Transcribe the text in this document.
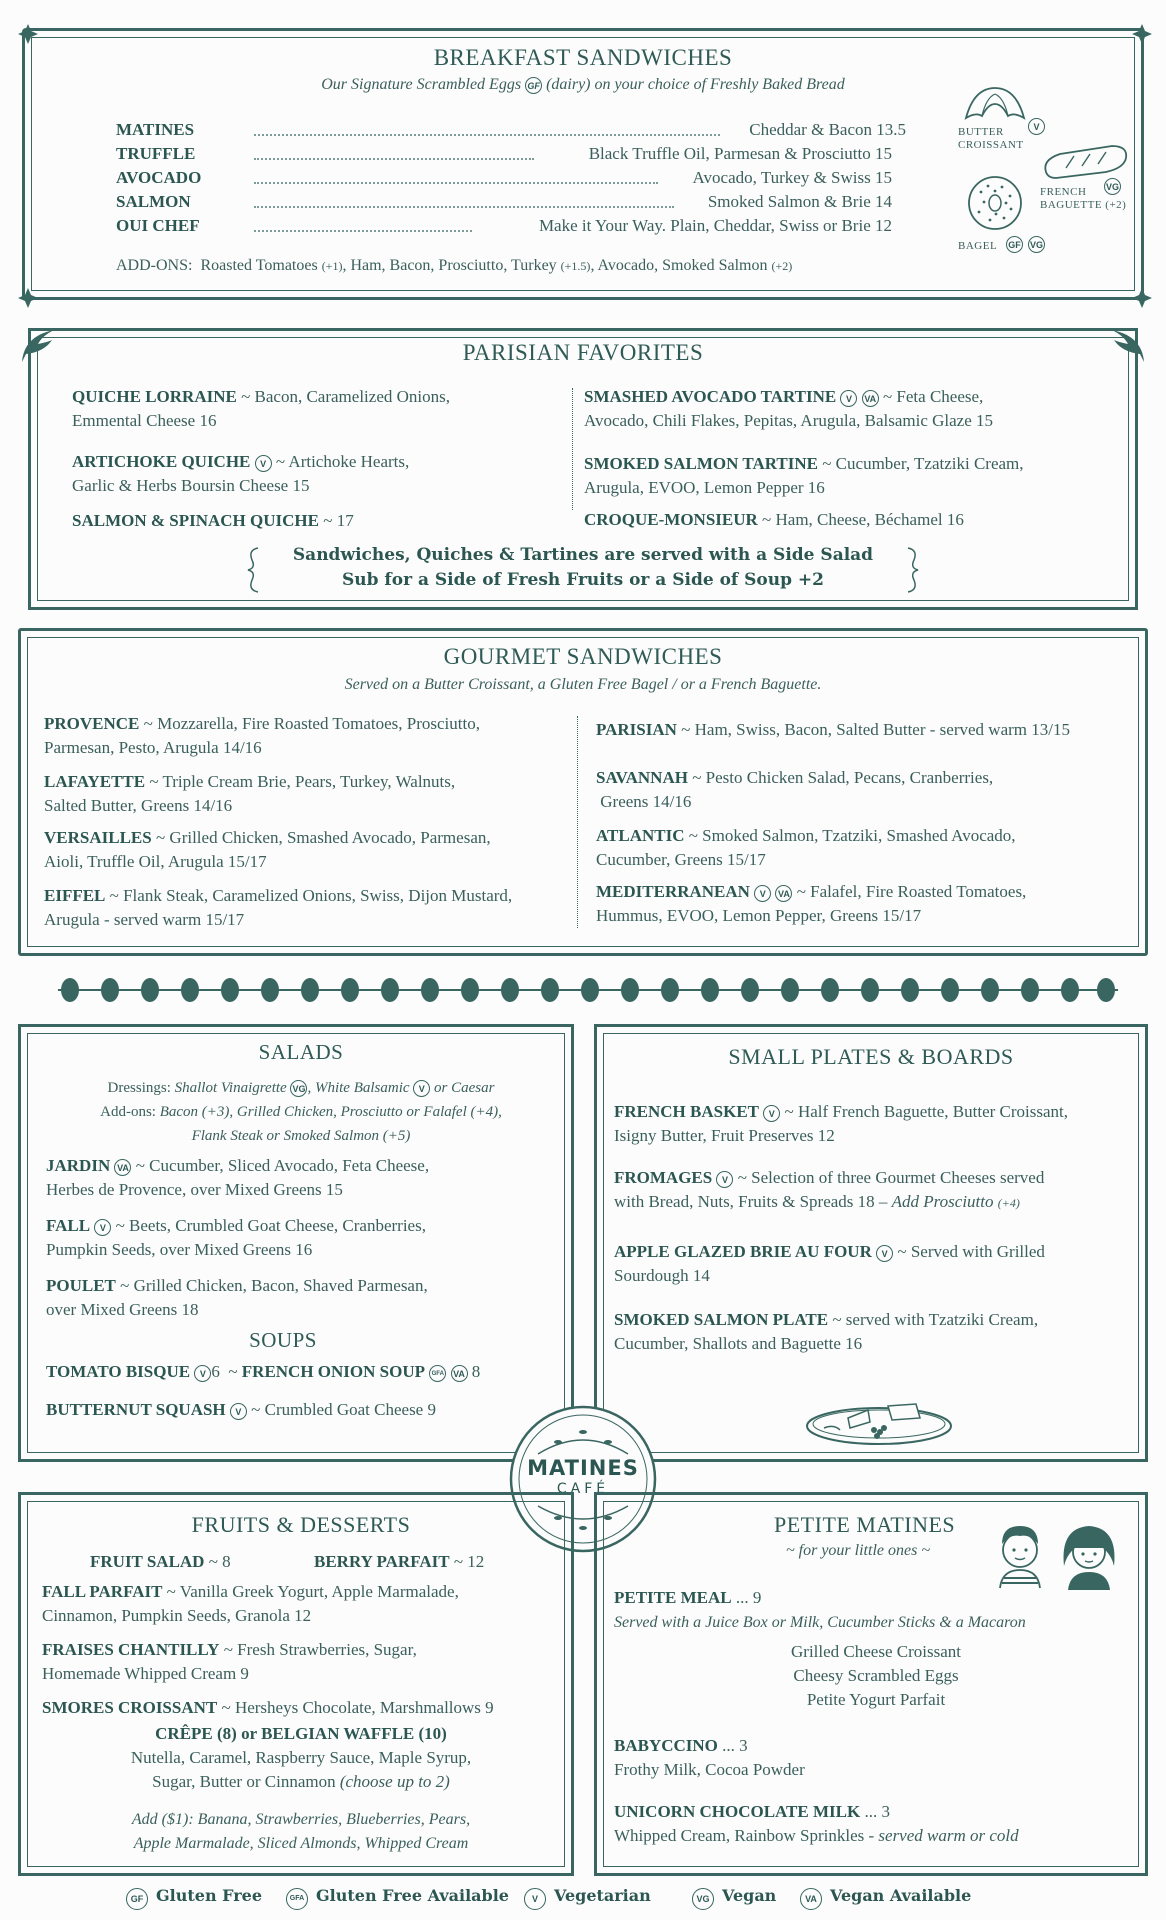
BREAKFAST SANDWICHES
Our Signature Scrambled Eggs GF (dairy) on your choice of Freshly Baked Bread
MATINES	Cheddar & Bacon 13.5
TRUFFLE	Black Truffle Oil, Parmesan & Prosciutto 15
AVOCADO	Avocado, Turkey & Swiss 15
SALMON	Smoked Salmon & Brie 14
OUI CHEF	Make it Your Way. Plain, Cheddar, Swiss or Brie 12
ADD-ONS: Roasted Tomatoes (+1), Ham, Bacon, Prosciutto, Turkey (+1.5), Avocado, Smoked Salmon (+2)
BUTTER
CROISSANT
V
FRENCH
BAGUETTE (+2)
VG
BAGEL GF VG
PARISIAN FAVORITES
QUICHE LORRAINE ~ Bacon, Caramelized Onions,
Emmental Cheese 16
ARTICHOKE QUICHE V ~ Artichoke Hearts,
Garlic & Herbs Boursin Cheese 15
SALMON & SPINACH QUICHE ~ 17
SMASHED AVOCADO TARTINE V VA ~ Feta Cheese,
Avocado, Chili Flakes, Pepitas, Arugula, Balsamic Glaze 15
SMOKED SALMON TARTINE ~ Cucumber, Tzatziki Cream,
Arugula, EVOO, Lemon Pepper 16
CROQUE-MONSIEUR ~ Ham, Cheese, Béchamel 16
Sandwiches, Quiches & Tartines are served with a Side Salad
Sub for a Side of Fresh Fruits or a Side of Soup +2
GOURMET SANDWICHES
Served on a Butter Croissant, a Gluten Free Bagel / or a French Baguette.
PROVENCE ~ Mozzarella, Fire Roasted Tomatoes, Prosciutto,
Parmesan, Pesto, Arugula 14/16
LAFAYETTE ~ Triple Cream Brie, Pears, Turkey, Walnuts,
Salted Butter, Greens 14/16
VERSAILLES ~ Grilled Chicken, Smashed Avocado, Parmesan,
Aioli, Truffle Oil, Arugula 15/17
EIFFEL ~ Flank Steak, Caramelized Onions, Swiss, Dijon Mustard,
Arugula - served warm 15/17
PARISIAN ~ Ham, Swiss, Bacon, Salted Butter - served warm 13/15
SAVANNAH ~ Pesto Chicken Salad, Pecans, Cranberries,
Greens 14/16
ATLANTIC ~ Smoked Salmon, Tzatziki, Smashed Avocado,
Cucumber, Greens 15/17
MEDITERRANEAN V VA ~ Falafel, Fire Roasted Tomatoes,
Hummus, EVOO, Lemon Pepper, Greens 15/17
SALADS
Dressings: Shallot Vinaigrette VG , White Balsamic V or Caesar
Add-ons: Bacon (+3), Grilled Chicken, Prosciutto or Falafel (+4),
Flank Steak or Smoked Salmon (+5)
JARDIN VA ~ Cucumber, Sliced Avocado, Feta Cheese,
Herbes de Provence, over Mixed Greens 15
FALL V ~ Beets, Crumbled Goat Cheese, Cranberries,
Pumpkin Seeds, over Mixed Greens 16
POULET ~ Grilled Chicken, Bacon, Shaved Parmesan,
over Mixed Greens 18
SOUPS
TOMATO BISQUE V 6 ~ FRENCH ONION SOUP GFA VA 8
BUTTERNUT SQUASH V ~ Crumbled Goat Cheese 9
SMALL PLATES & BOARDS
FRENCH BASKET V ~ Half French Baguette, Butter Croissant,
Isigny Butter, Fruit Preserves 12
FROMAGES V ~ Selection of three Gourmet Cheeses served
with Bread, Nuts, Fruits & Spreads 18 – Add Prosciutto (+4)
APPLE GLAZED BRIE AU FOUR V ~ Served with Grilled
Sourdough 14
SMOKED SALMON PLATE ~ served with Tzatziki Cream,
Cucumber, Shallots and Baguette 16
MATINES
CAFÉ
FRUITS & DESSERTS
FRUIT SALAD ~ 8	BERRY PARFAIT ~ 12
FALL PARFAIT ~ Vanilla Greek Yogurt, Apple Marmalade,
Cinnamon, Pumpkin Seeds, Granola 12
FRAISES CHANTILLY ~ Fresh Strawberries, Sugar,
Homemade Whipped Cream 9
SMORES CROISSANT ~ Hersheys Chocolate, Marshmallows 9
CRÊPE (8) or BELGIAN WAFFLE (10)
Nutella, Caramel, Raspberry Sauce, Maple Syrup,
Sugar, Butter or Cinnamon (choose up to 2)
Add ($1): Banana, Strawberries, Blueberries, Pears,
Apple Marmalade, Sliced Almonds, Whipped Cream
PETITE MATINES
~ for your little ones ~
PETITE MEAL ... 9
Served with a Juice Box or Milk, Cucumber Sticks & a Macaron
Grilled Cheese Croissant
Cheesy Scrambled Eggs
Petite Yogurt Parfait
BABYCCINO ... 3
Frothy Milk, Cocoa Powder
UNICORN CHOCOLATE MILK ... 3
Whipped Cream, Rainbow Sprinkles - served warm or cold
GF Gluten Free	GFA Gluten Free Available	V	Vegetarian	VG Vegan	VA Vegan Available
